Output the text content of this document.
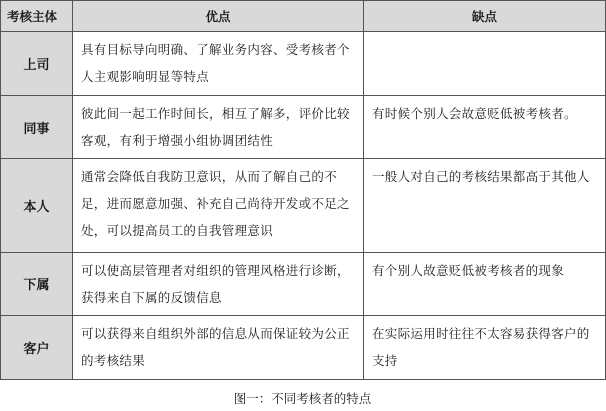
考核主体	优点	缺点
上司	具有目标导向明确、了解业务内容、受考核者个人主观影响明显等特点	
同事	彼此间一起工作时间长，相互了解多，评价比较客观，有利于增强小组协调团结性	有时候个别人会故意贬低被考核者。
本人	通常会降低自我防卫意识，从而了解自己的不足，进而愿意加强、补充自己尚待开发或不足之处，可以提高员工的自我管理意识	一般人对自己的考核结果都高于其他人
下属	可以使高层管理者对组织的管理风格进行诊断，获得来自下属的反馈信息	有个别人故意贬低被考核者的现象
客户	可以获得来自组织外部的信息从而保证较为公正的考核结果	在实际运用时往往不太容易获得客户的支持
图一：不同考核者的特点
